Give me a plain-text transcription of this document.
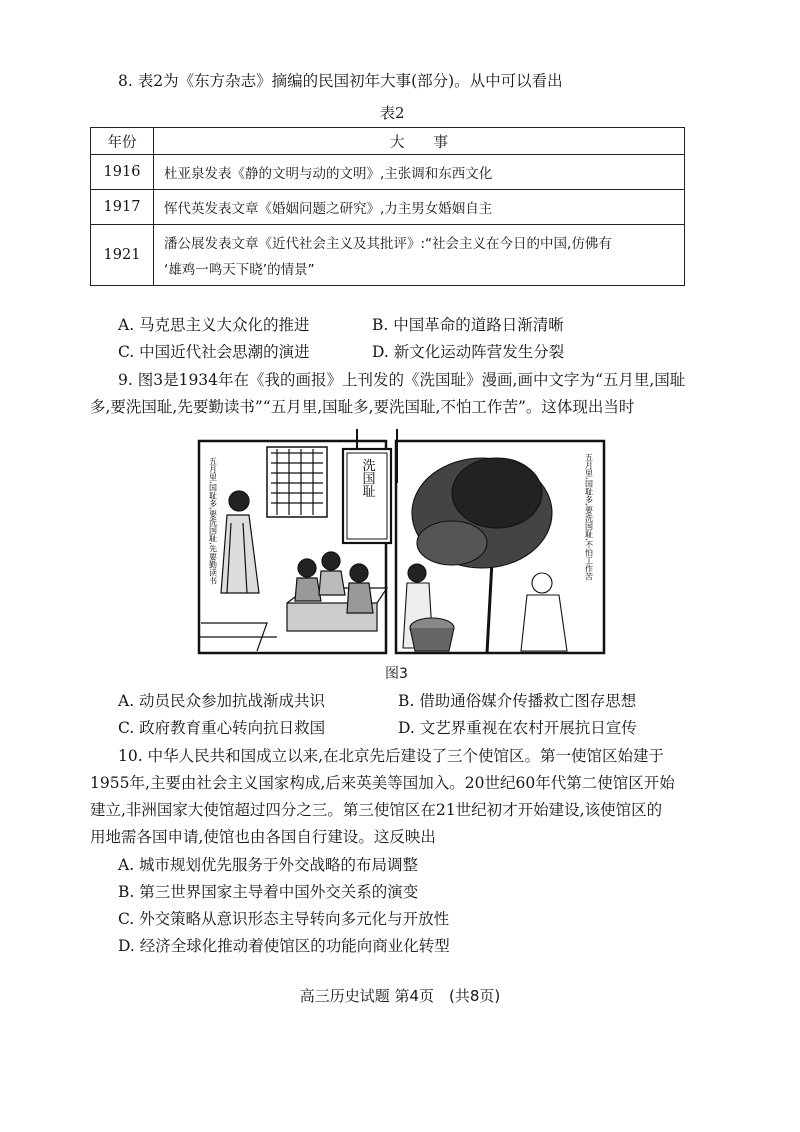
8. 表2为《东方杂志》摘编的民国初年大事(部分)。从中可以看出
表2
年份	大　　事
1916	杜亚泉发表《静的文明与动的文明》,主张调和东西文化
1917	恽代英发表文章《婚姻问题之研究》,力主男女婚姻自主
1921	潘公展发表文章《近代社会主义及其批评》:“社会主义在今日的中国,仿佛有
‘雄鸡一鸣天下晓’的情景”
A. 马克思主义大众化的推进	B. 中国革命的道路日渐清晰
C. 中国近代社会思潮的演进	D. 新文化运动阵营发生分裂
9. 图3是1934年在《我的画报》上刊发的《洗国耻》漫画,画中文字为“五月里,国耻
多,要洗国耻,先要勤读书”“五月里,国耻多,要洗国耻,不怕工作苦”。这体现出当时
洗国耻
五月里,国耻多,要洗国耻,先要勤读书	五月里,国耻多,要洗国耻,不怕工作苦
图3
A. 动员民众参加抗战渐成共识	B. 借助通俗媒介传播救亡图存思想
C. 政府教育重心转向抗日救国	D. 文艺界重视在农村开展抗日宣传
10. 中华人民共和国成立以来,在北京先后建设了三个使馆区。第一使馆区始建于
1955年,主要由社会主义国家构成,后来英美等国加入。20世纪60年代第二使馆区开始
建立,非洲国家大使馆超过四分之三。第三使馆区在21世纪初才开始建设,该使馆区的
用地需各国申请,使馆也由各国自行建设。这反映出
A. 城市规划优先服务于外交战略的布局调整
B. 第三世界国家主导着中国外交关系的演变
C. 外交策略从意识形态主导转向多元化与开放性
D. 经济全球化推动着使馆区的功能向商业化转型
高三历史试题 第4页　(共8页)
